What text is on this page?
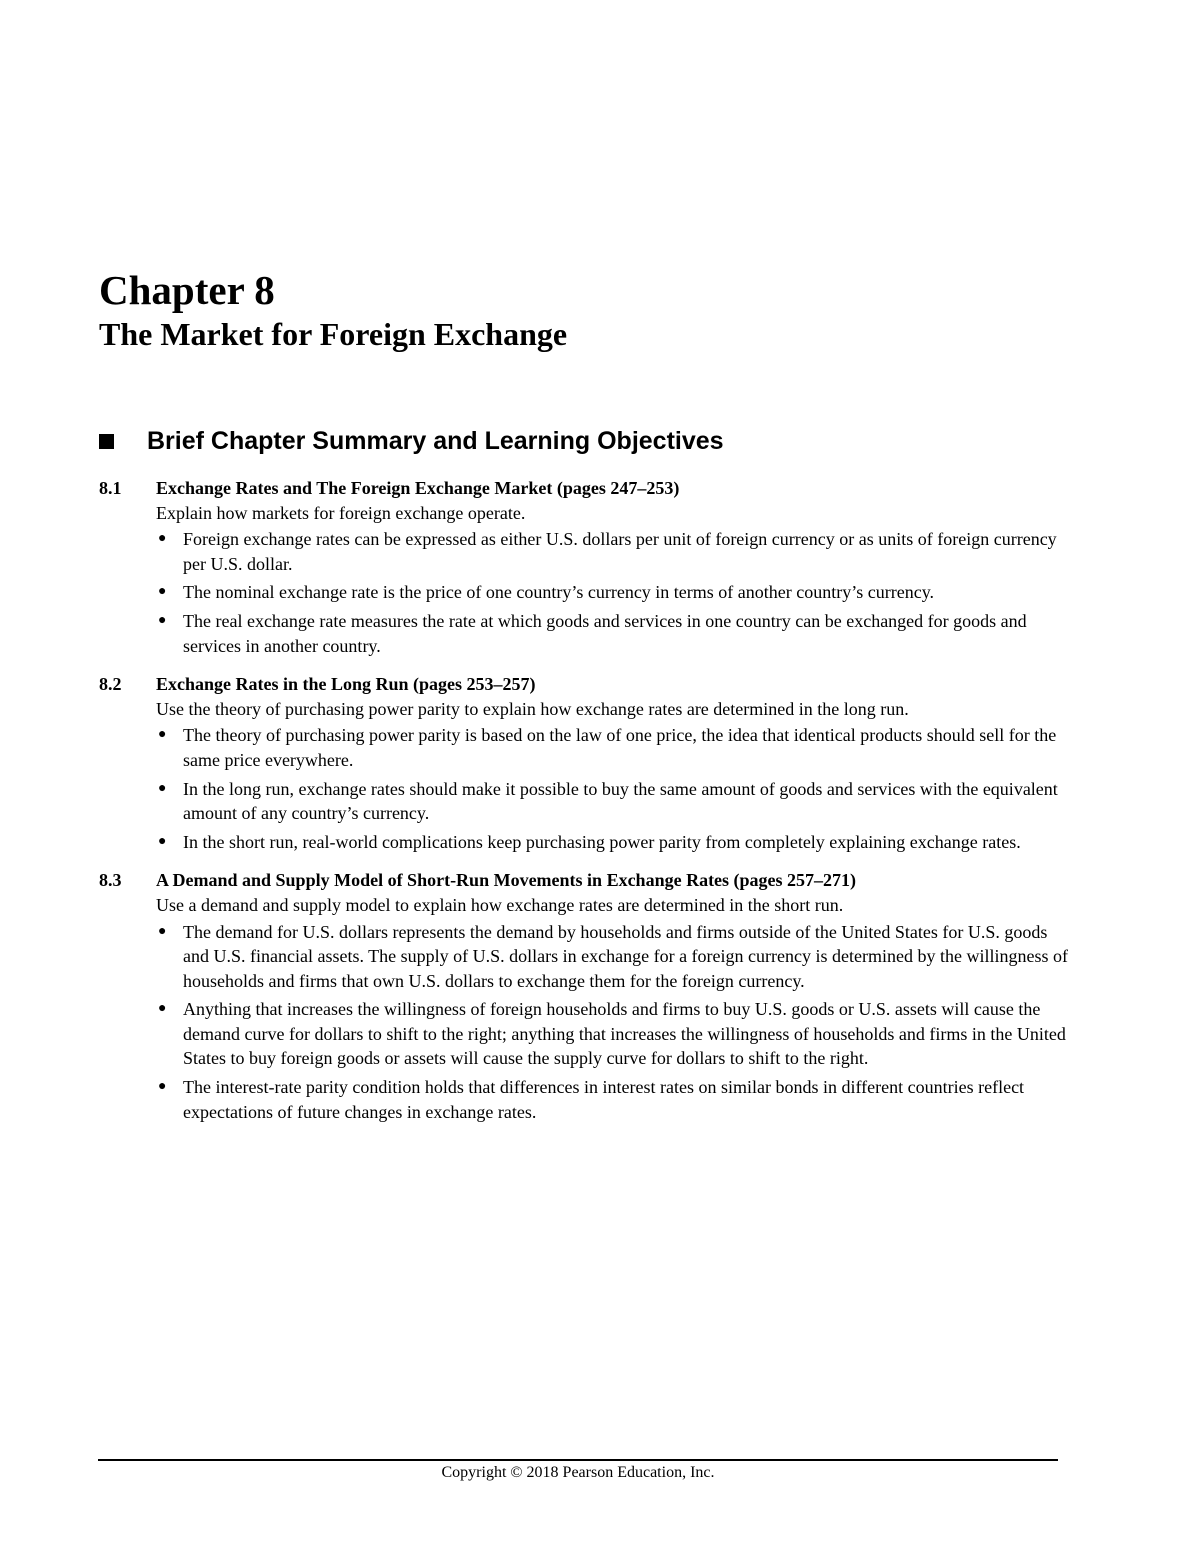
Chapter 8
The Market for Foreign Exchange
Brief Chapter Summary and Learning Objectives
8.1	Exchange Rates and The Foreign Exchange Market (pages 247–253)
Explain how markets for foreign exchange operate.
● Foreign exchange rates can be expressed as either U.S. dollars per unit of foreign currency or as units of foreign currency per U.S. dollar.
● The nominal exchange rate is the price of one country’s currency in terms of another country’s currency.
● The real exchange rate measures the rate at which goods and services in one country can be exchanged for goods and services in another country.
8.2	Exchange Rates in the Long Run (pages 253–257)
Use the theory of purchasing power parity to explain how exchange rates are determined in the long run.
● The theory of purchasing power parity is based on the law of one price, the idea that identical products should sell for the same price everywhere.
● In the long run, exchange rates should make it possible to buy the same amount of goods and services with the equivalent amount of any country’s currency.
● In the short run, real-world complications keep purchasing power parity from completely explaining exchange rates.
8.3	A Demand and Supply Model of Short-Run Movements in Exchange Rates (pages 257–271)
Use a demand and supply model to explain how exchange rates are determined in the short run.
● The demand for U.S. dollars represents the demand by households and firms outside of the United States for U.S. goods and U.S. financial assets. The supply of U.S. dollars in exchange for a foreign currency is determined by the willingness of households and firms that own U.S. dollars to exchange them for the foreign currency.
● Anything that increases the willingness of foreign households and firms to buy U.S. goods or U.S. assets will cause the demand curve for dollars to shift to the right; anything that increases the willingness of households and firms in the United States to buy foreign goods or assets will cause the supply curve for dollars to shift to the right.
● The interest-rate parity condition holds that differences in interest rates on similar bonds in different countries reflect expectations of future changes in exchange rates.
Copyright © 2018 Pearson Education, Inc.
